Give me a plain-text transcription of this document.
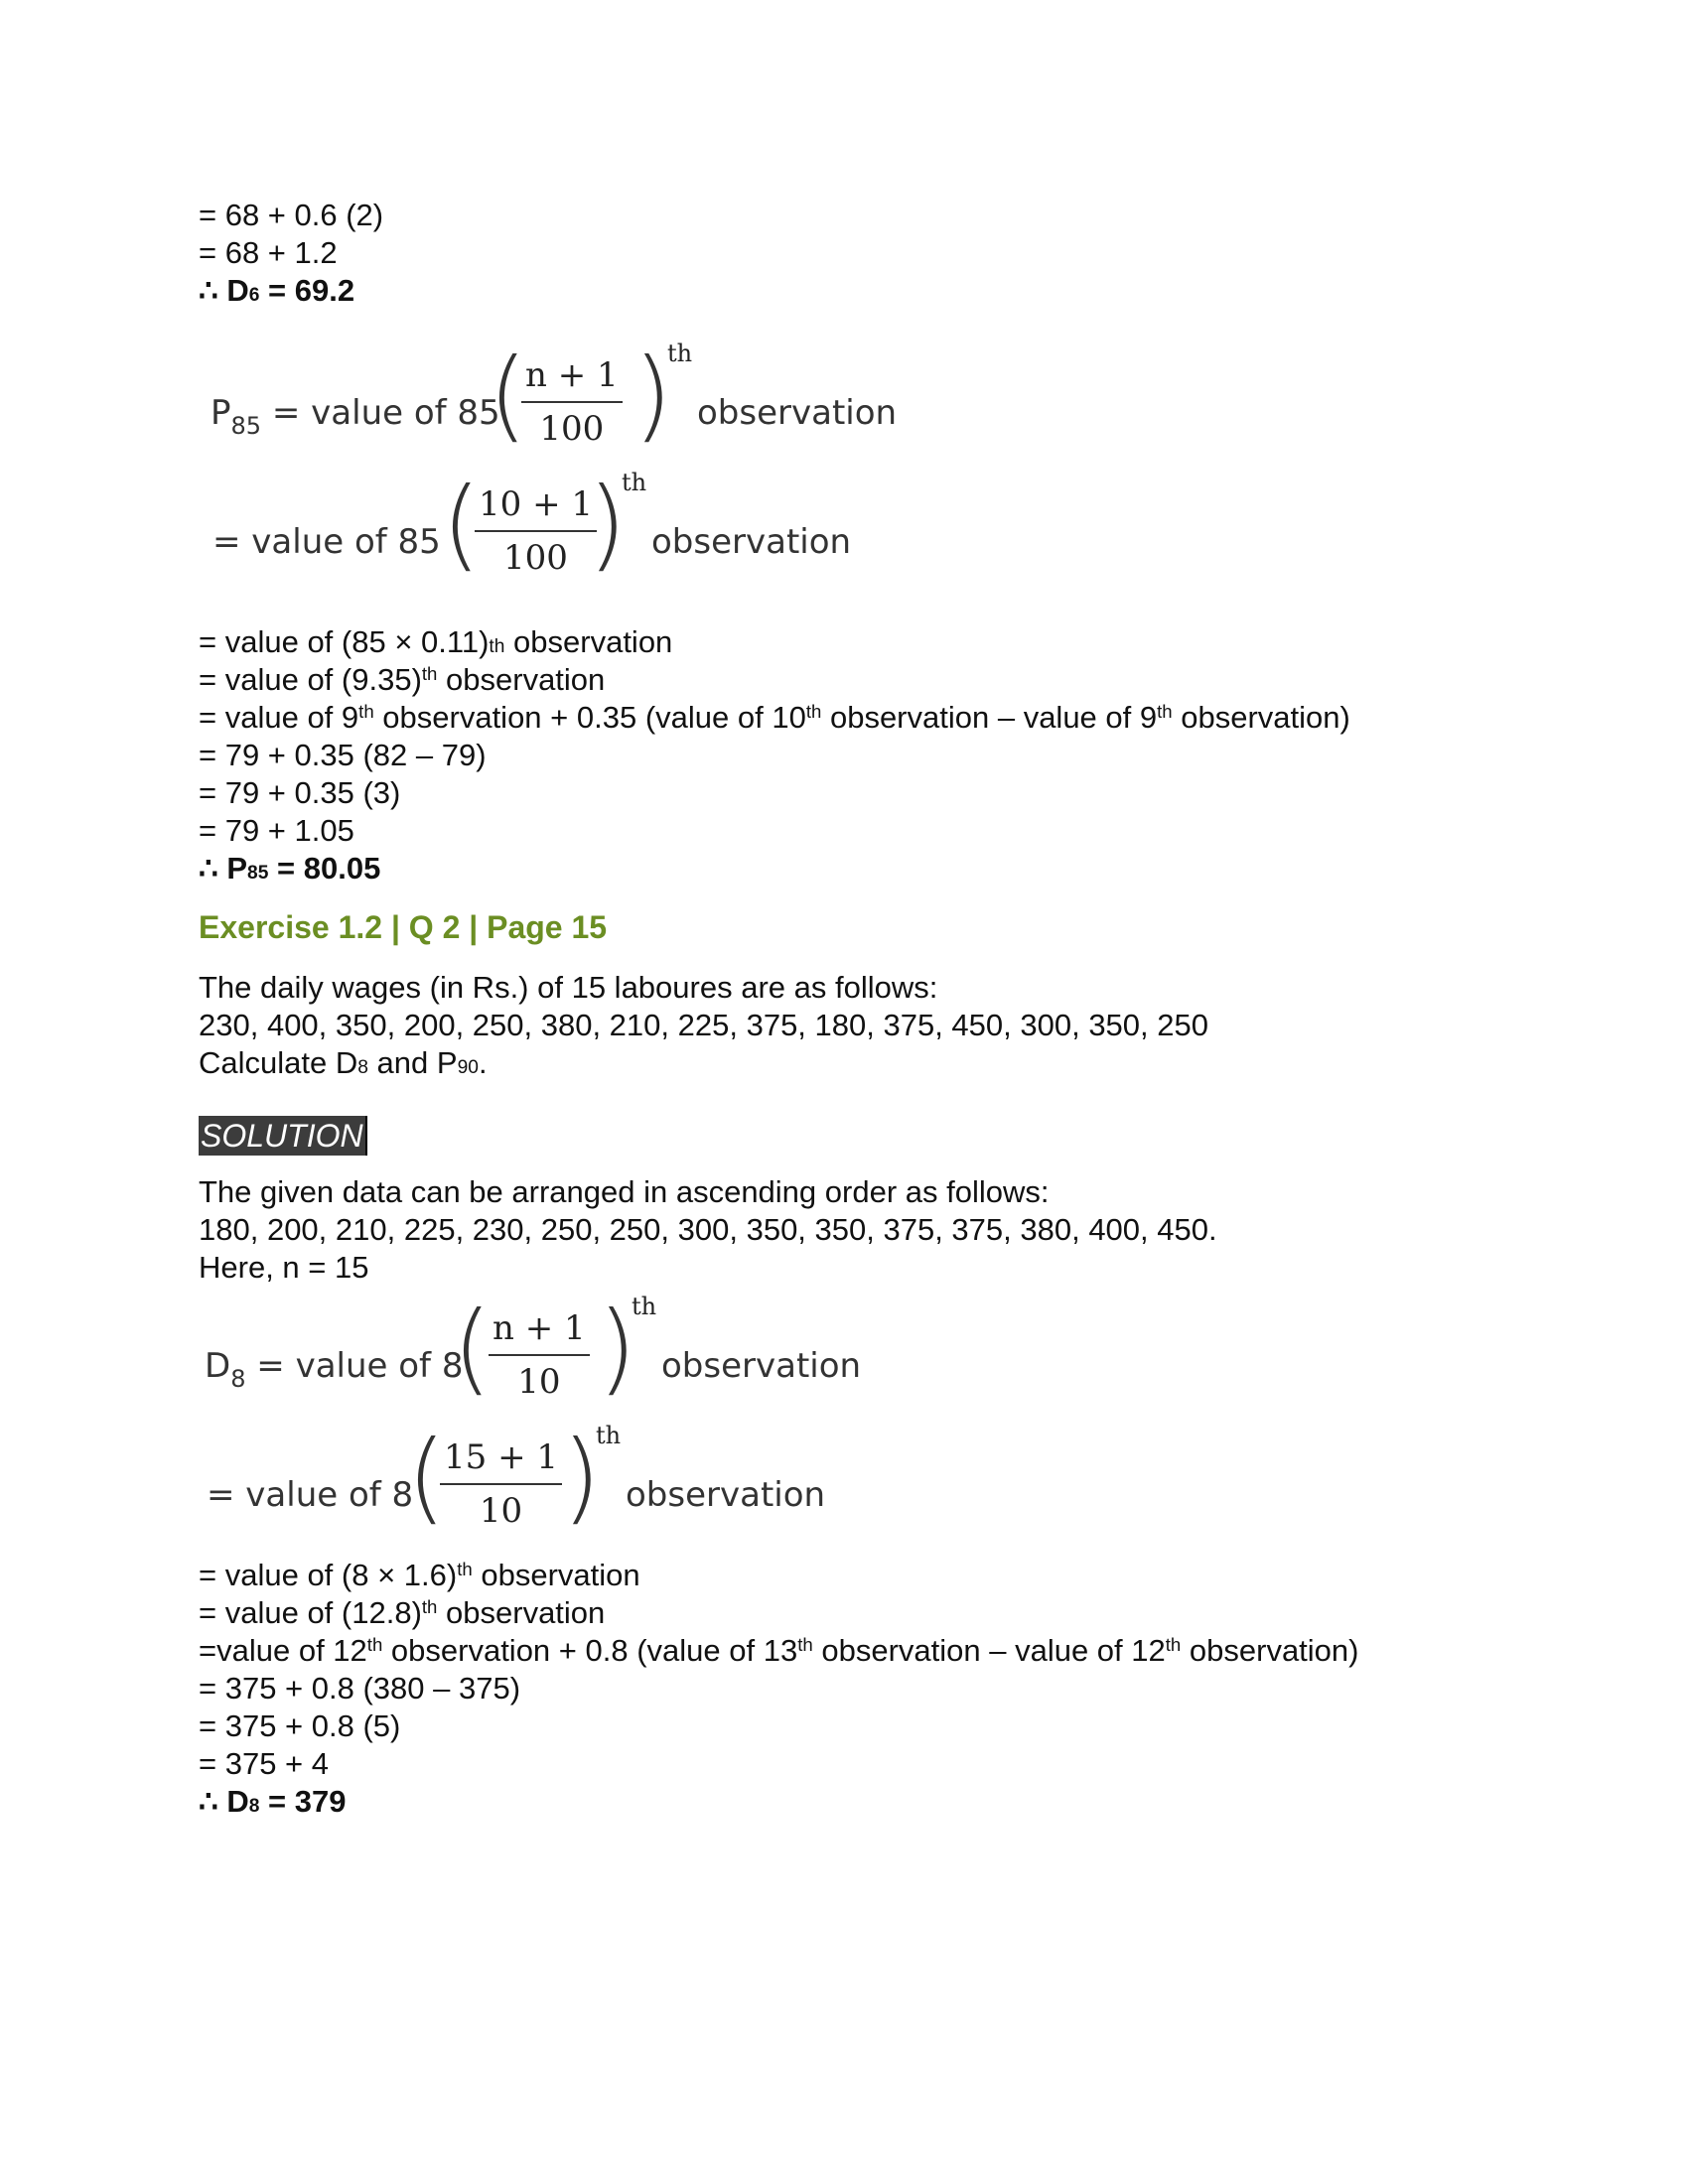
= 68 + 0.6 (2)
= 68 + 1.2
∴ D6 = 69.2
$P_{85}$ = value of 85
(
n + 1
100 )
th
observation
= value of 85 (
10 + 1
100 )
th
observation
= value of (85 × 0.11)th observation
= value of $(9.35)^{th}$ observation
= value of 9th observation + 0.35 (value of 10th observation – value of 9th observation)
= 79 + 0.35 (82 – 79)
= 79 + 0.35 (3)
= 79 + 1.05
∴ P85 = 80.05
Exercise 1.2 | Q 2 | Page 15
The daily wages (in Rs.) of 15 laboures are as follows:
230, 400, 350, 200, 250, 380, 210, 225, 375, 180, 375, 450, 300, 350, 250
Calculate D8 and P90.
SOLUTION
The given data can be arranged in ascending order as follows:
180, 200, 210, 225, 230, 250, 250, 300, 350, 350, 375, 375, 380, 400, 450.
Here, n = 15
$D_8$ = value of 8
( n + 1
10 )
th
observation
= value of 8
(
15 + 1
10 )
th
observation
= value of $(8 \times 1.6)^{th}$ observation
= value of $(12.8)^{th}$ observation
=value of 12th observation + 0.8 (value of 13th observation – value of 12th observation)
= 375 + 0.8 (380 – 375)
= 375 + 0.8 (5)
= 375 + 4
∴ D8 = 379
